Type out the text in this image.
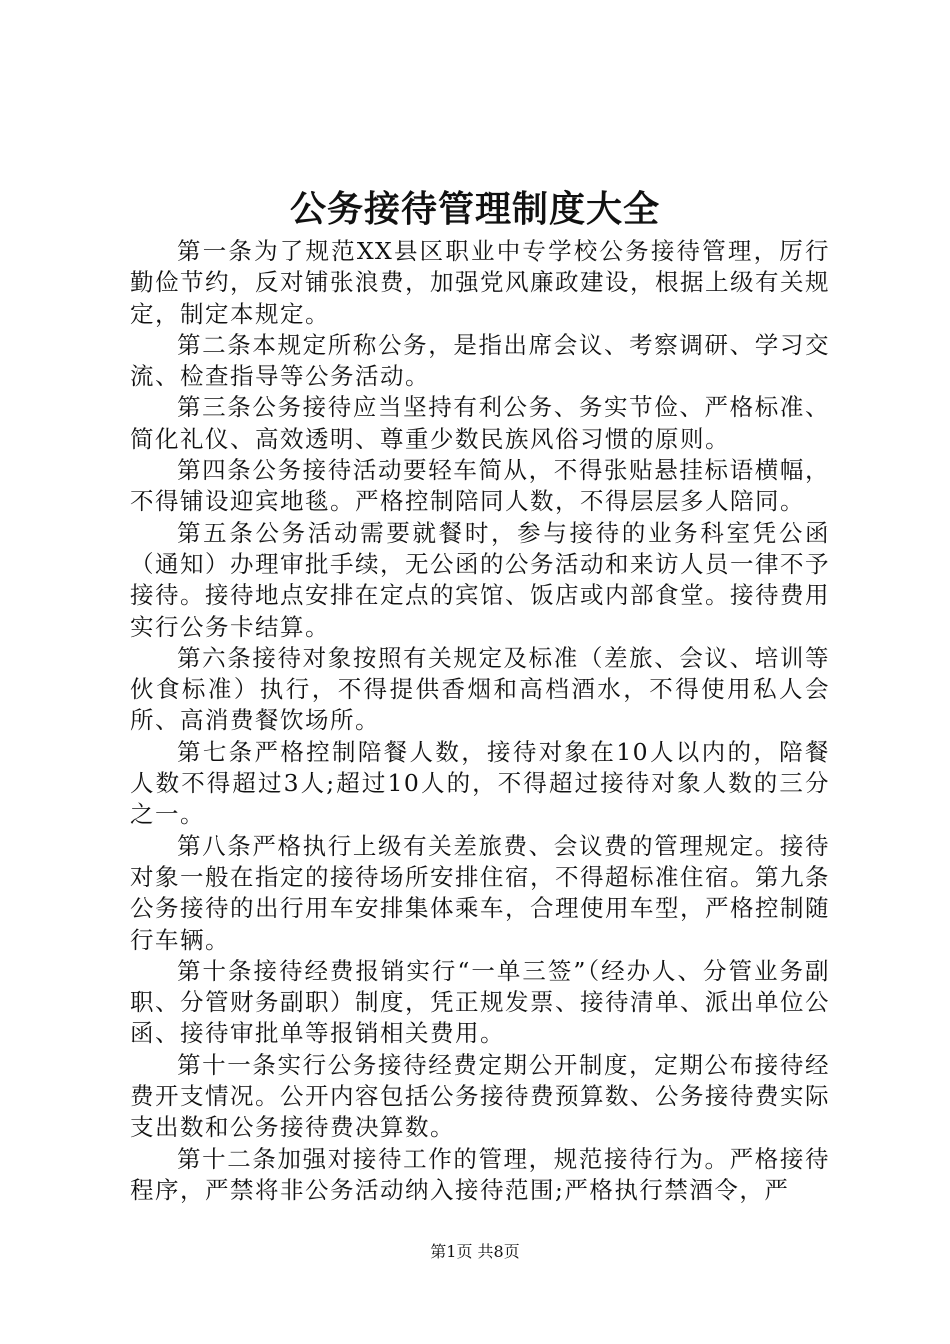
公务接待管理制度大全

第一条为了规范XX县区职业中专学校公务接待管理，厉行勤俭节约，反对铺张浪费，加强党风廉政建设，根据上级有关规定，制定本规定。

第二条本规定所称公务，是指出席会议、考察调研、学习交流、检查指导等公务活动。

第三条公务接待应当坚持有利公务、务实节俭、严格标准、简化礼仪、高效透明、尊重少数民族风俗习惯的原则。

第四条公务接待活动要轻车简从，不得张贴悬挂标语横幅，不得铺设迎宾地毯。严格控制陪同人数，不得层层多人陪同。

第五条公务活动需要就餐时，参与接待的业务科室凭公函（通知）办理审批手续，无公函的公务活动和来访人员一律不予接待。接待地点安排在定点的宾馆、饭店或内部食堂。接待费用实行公务卡结算。

第六条接待对象按照有关规定及标准（差旅、会议、培训等伙食标准）执行，不得提供香烟和高档酒水，不得使用私人会所、高消费餐饮场所。

第七条严格控制陪餐人数，接待对象在10人以内的，陪餐人数不得超过3人;超过10人的，不得超过接待对象人数的三分之一。

第八条严格执行上级有关差旅费、会议费的管理规定。接待对象一般在指定的接待场所安排住宿，不得超标准住宿。第九条公务接待的出行用车安排集体乘车，合理使用车型，严格控制随行车辆。

第十条接待经费报销实行“一单三签”（经办人、分管业务副职、分管财务副职）制度，凭正规发票、接待清单、派出单位公函、接待审批单等报销相关费用。

第十一条实行公务接待经费定期公开制度，定期公布接待经费开支情况。公开内容包括公务接待费预算数、公务接待费实际支出数和公务接待费决算数。

第十二条加强对接待工作的管理，规范接待行为。严格接待程序，严禁将非公务活动纳入接待范围;严格执行禁酒令，严

第1页 共8页
